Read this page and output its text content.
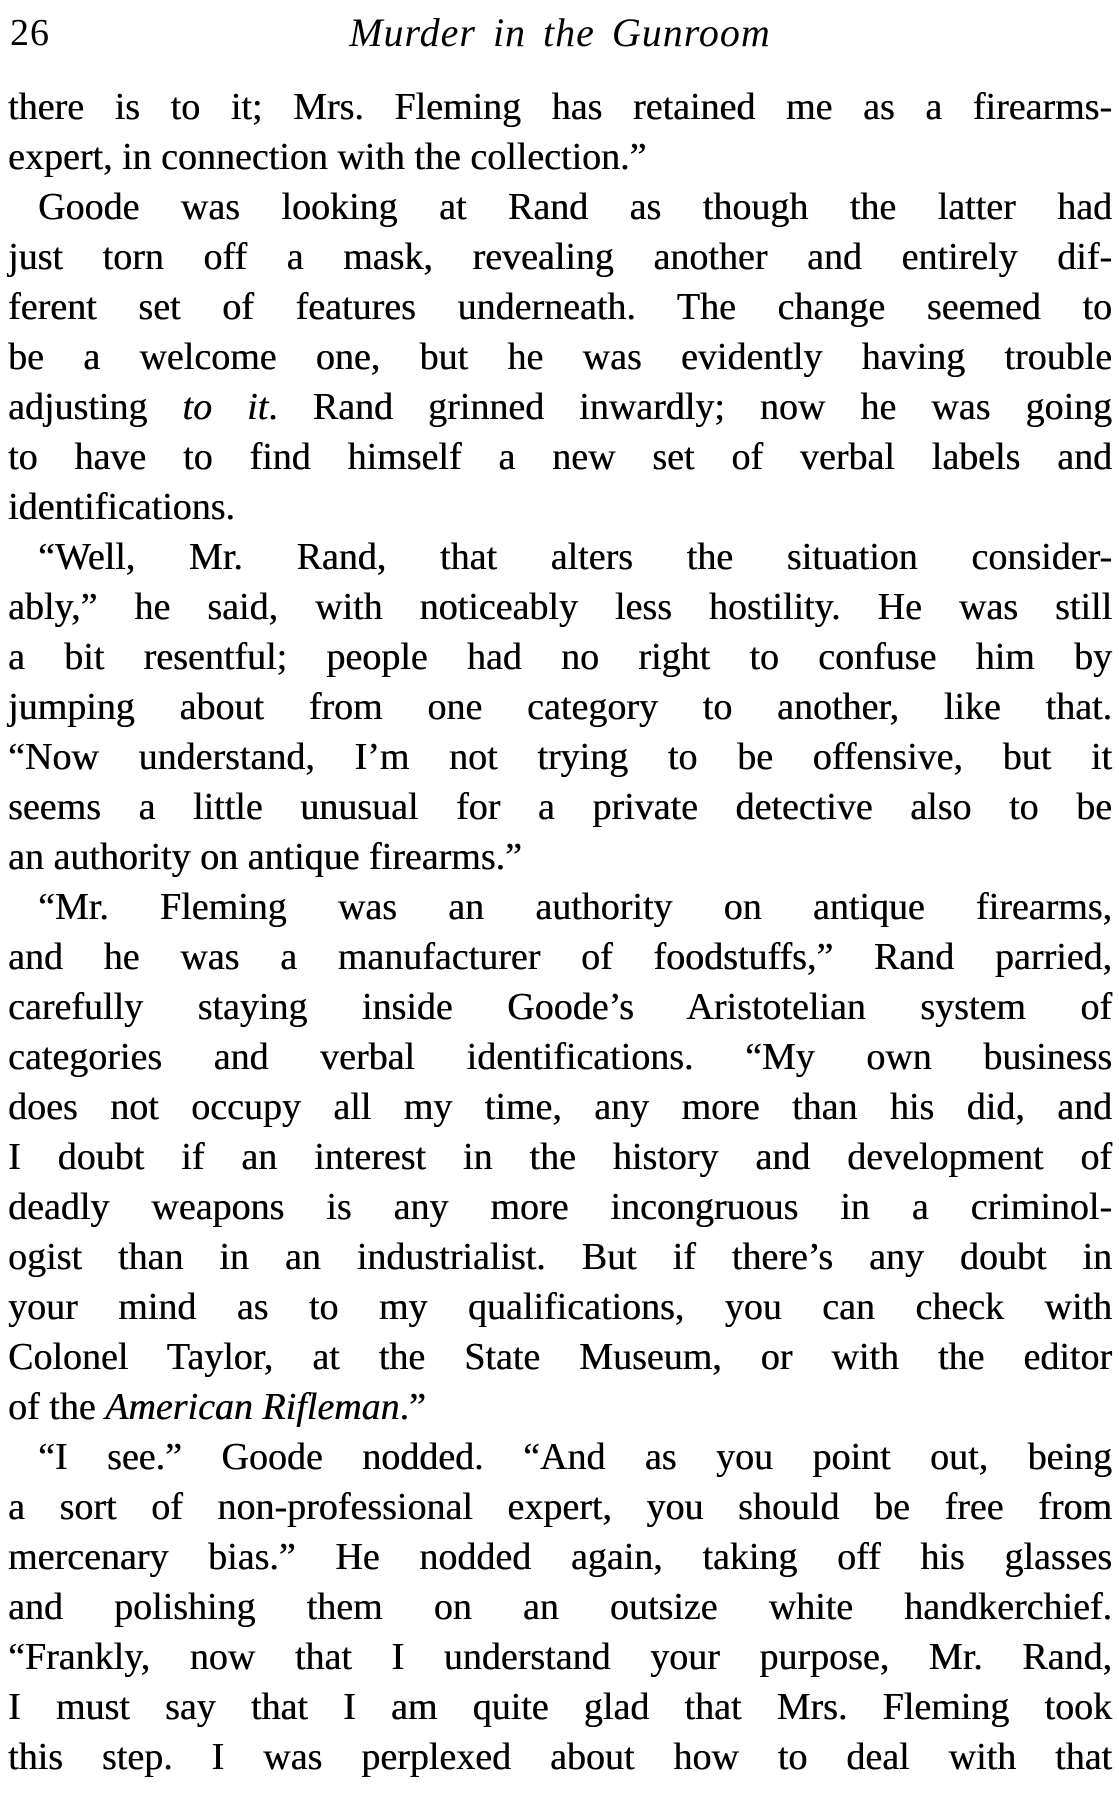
26	Murder in the Gunroom
there is to it; Mrs. Fleming has retained me as a firearms-
expert, in connection with the collection.”
Goode was looking at Rand as though the latter had
just torn off a mask, revealing another and entirely dif-
ferent set of features underneath. The change seemed to
be a welcome one, but he was evidently having trouble
adjusting to it. Rand grinned inwardly; now he was going
to have to find himself a new set of verbal labels and
identifications.
“Well, Mr. Rand, that alters the situation consider-
ably,” he said, with noticeably less hostility. He was still
a bit resentful; people had no right to confuse him by
jumping about from one category to another, like that.
“Now understand, I’m not trying to be offensive, but it
seems a little unusual for a private detective also to be
an authority on antique firearms.”
“Mr. Fleming was an authority on antique firearms,
and he was a manufacturer of foodstuffs,” Rand parried,
carefully staying inside Goode’s Aristotelian system of
categories and verbal identifications. “My own business
does not occupy all my time, any more than his did, and
I doubt if an interest in the history and development of
deadly weapons is any more incongruous in a criminol-
ogist than in an industrialist. But if there’s any doubt in
your mind as to my qualifications, you can check with
Colonel Taylor, at the State Museum, or with the editor
of the American Rifleman.”
“I see.” Goode nodded. “And as you point out, being
a sort of non-professional expert, you should be free from
mercenary bias.” He nodded again, taking off his glasses
and polishing them on an outsize white handkerchief.
“Frankly, now that I understand your purpose, Mr. Rand,
I must say that I am quite glad that Mrs. Fleming took
this step. I was perplexed about how to deal with that
